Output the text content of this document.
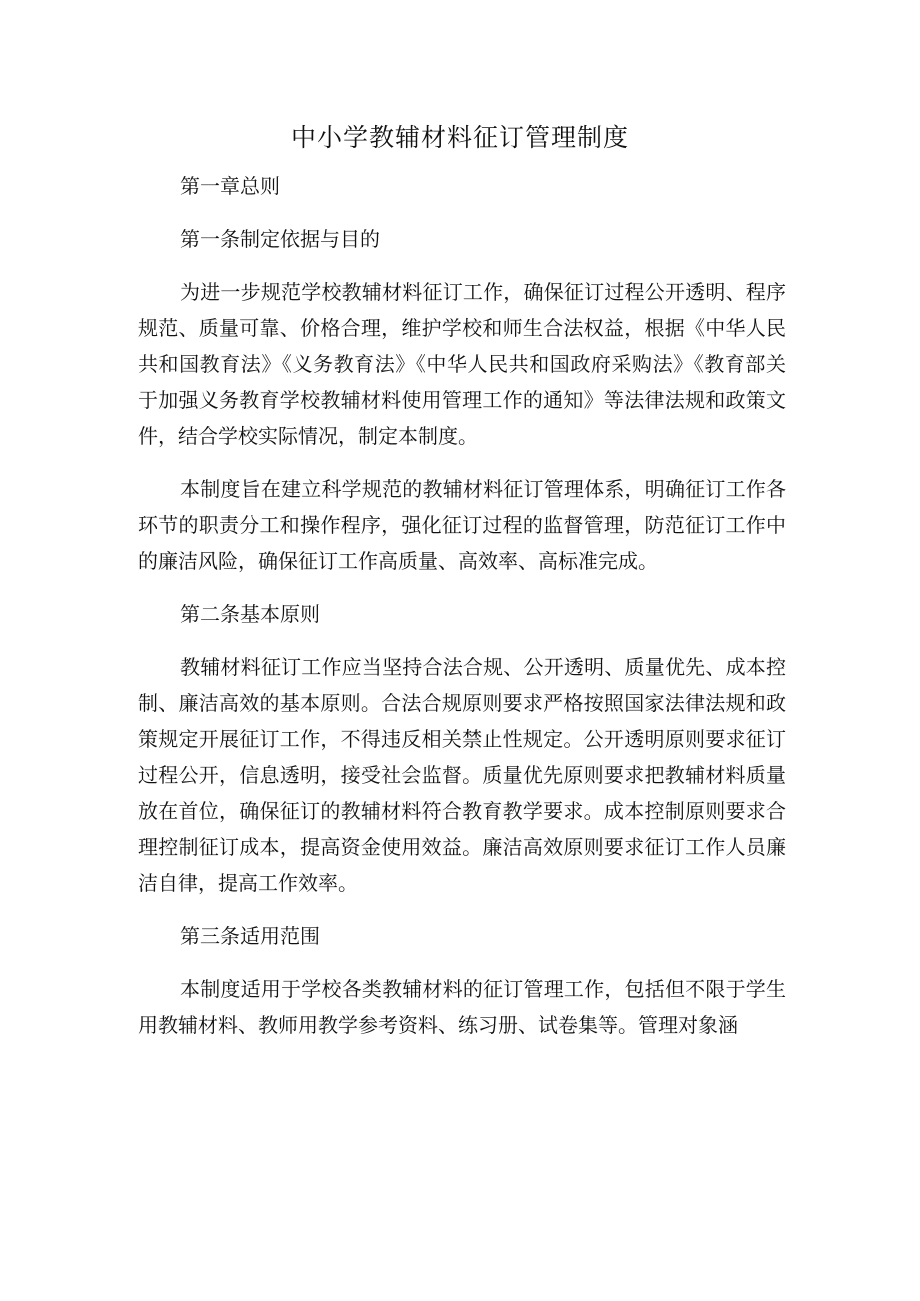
中小学教辅材料征订管理制度

第一章总则

第一条制定依据与目的

为进一步规范学校教辅材料征订工作，确保征订过程公开透明、程序规范、质量可靠、价格合理，维护学校和师生合法权益，根据《中华人民共和国教育法》《义务教育法》《中华人民共和国政府采购法》《教育部关于加强义务教育学校教辅材料使用管理工作的通知》等法律法规和政策文件，结合学校实际情况，制定本制度。

本制度旨在建立科学规范的教辅材料征订管理体系，明确征订工作各环节的职责分工和操作程序，强化征订过程的监督管理，防范征订工作中的廉洁风险，确保征订工作高质量、高效率、高标准完成。

第二条基本原则

教辅材料征订工作应当坚持合法合规、公开透明、质量优先、成本控制、廉洁高效的基本原则。合法合规原则要求严格按照国家法律法规和政策规定开展征订工作，不得违反相关禁止性规定。公开透明原则要求征订过程公开，信息透明，接受社会监督。质量优先原则要求把教辅材料质量放在首位，确保征订的教辅材料符合教育教学要求。成本控制原则要求合理控制征订成本，提高资金使用效益。廉洁高效原则要求征订工作人员廉洁自律，提高工作效率。

第三条适用范围

本制度适用于学校各类教辅材料的征订管理工作，包括但不限于学生用教辅材料、教师用教学参考资料、练习册、试卷集等。管理对象涵
